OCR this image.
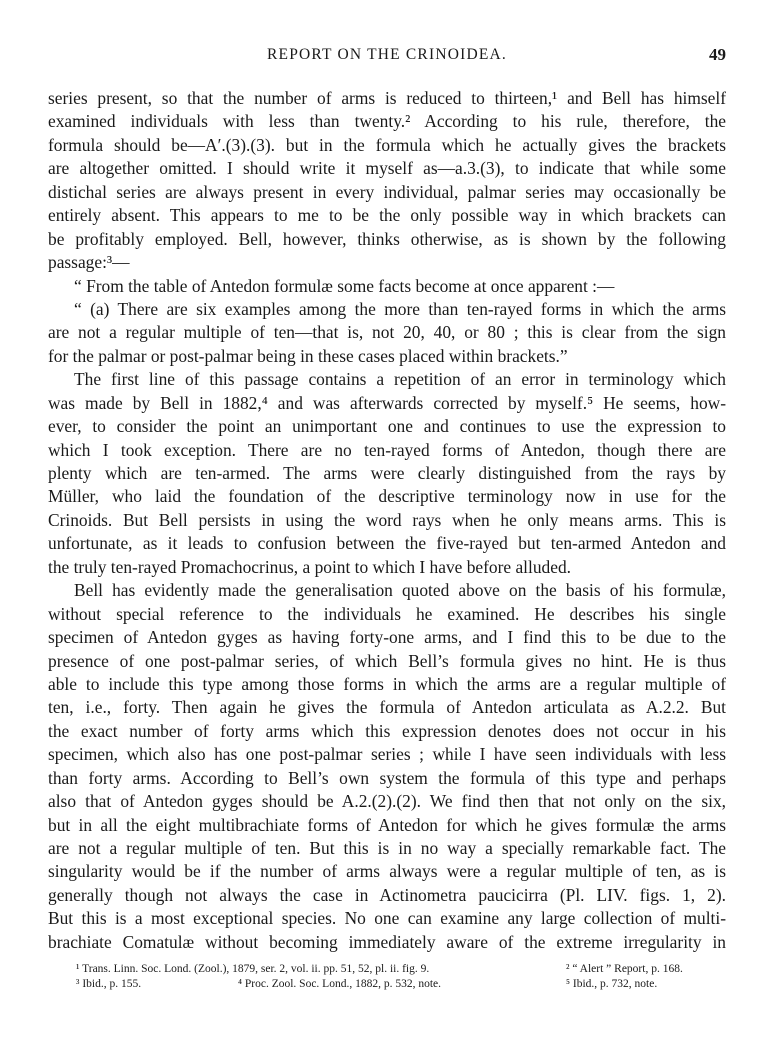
REPORT ON THE CRINOIDEA.	49
series present, so that the number of arms is reduced to thirteen,¹ and Bell has himself
examined individuals with less than twenty.² According to his rule, therefore, the
formula should be—A′.(3).(3). but in the formula which he actually gives the brackets
are altogether omitted. I should write it myself as—a.3.(3), to indicate that while some
distichal series are always present in every individual, palmar series may occasionally be
entirely absent. This appears to me to be the only possible way in which brackets can
be profitably employed. Bell, however, thinks otherwise, as is shown by the following
passage:³—
“ From the table of Antedon formulæ some facts become at once apparent :—
“ (a) There are six examples among the more than ten-rayed forms in which the arms
are not a regular multiple of ten—that is, not 20, 40, or 80 ; this is clear from the sign
for the palmar or post-palmar being in these cases placed within brackets.”
The first line of this passage contains a repetition of an error in terminology which
was made by Bell in 1882,⁴ and was afterwards corrected by myself.⁵ He seems, how-
ever, to consider the point an unimportant one and continues to use the expression to
which I took exception. There are no ten-rayed forms of Antedon, though there are
plenty which are ten-armed. The arms were clearly distinguished from the rays by
Müller, who laid the foundation of the descriptive terminology now in use for the
Crinoids. But Bell persists in using the word rays when he only means arms. This is
unfortunate, as it leads to confusion between the five-rayed but ten-armed Antedon and
the truly ten-rayed Promachocrinus, a point to which I have before alluded.
Bell has evidently made the generalisation quoted above on the basis of his formulæ,
without special reference to the individuals he examined. He describes his single
specimen of Antedon gyges as having forty-one arms, and I find this to be due to the
presence of one post-palmar series, of which Bell’s formula gives no hint. He is thus
able to include this type among those forms in which the arms are a regular multiple of
ten, i.e., forty. Then again he gives the formula of Antedon articulata as A.2.2. But
the exact number of forty arms which this expression denotes does not occur in his
specimen, which also has one post-palmar series ; while I have seen individuals with less
than forty arms. According to Bell’s own system the formula of this type and perhaps
also that of Antedon gyges should be A.2.(2).(2). We find then that not only on the six,
but in all the eight multibrachiate forms of Antedon for which he gives formulæ the arms
are not a regular multiple of ten. But this is in no way a specially remarkable fact. The
singularity would be if the number of arms always were a regular multiple of ten, as is
generally though not always the case in Actinometra paucicirra (Pl. LIV. figs. 1, 2).
But this is a most exceptional species. No one can examine any large collection of multi-
brachiate Comatulæ without becoming immediately aware of the extreme irregularity in
¹ Trans. Linn. Soc. Lond. (Zool.), 1879, ser. 2, vol. ii. pp. 51, 52, pl. ii. fig. 9.	² “ Alert ” Report, p. 168.
³ Ibid., p. 155.	⁴ Proc. Zool. Soc. Lond., 1882, p. 532, note.	⁵ Ibid., p. 732, note.
